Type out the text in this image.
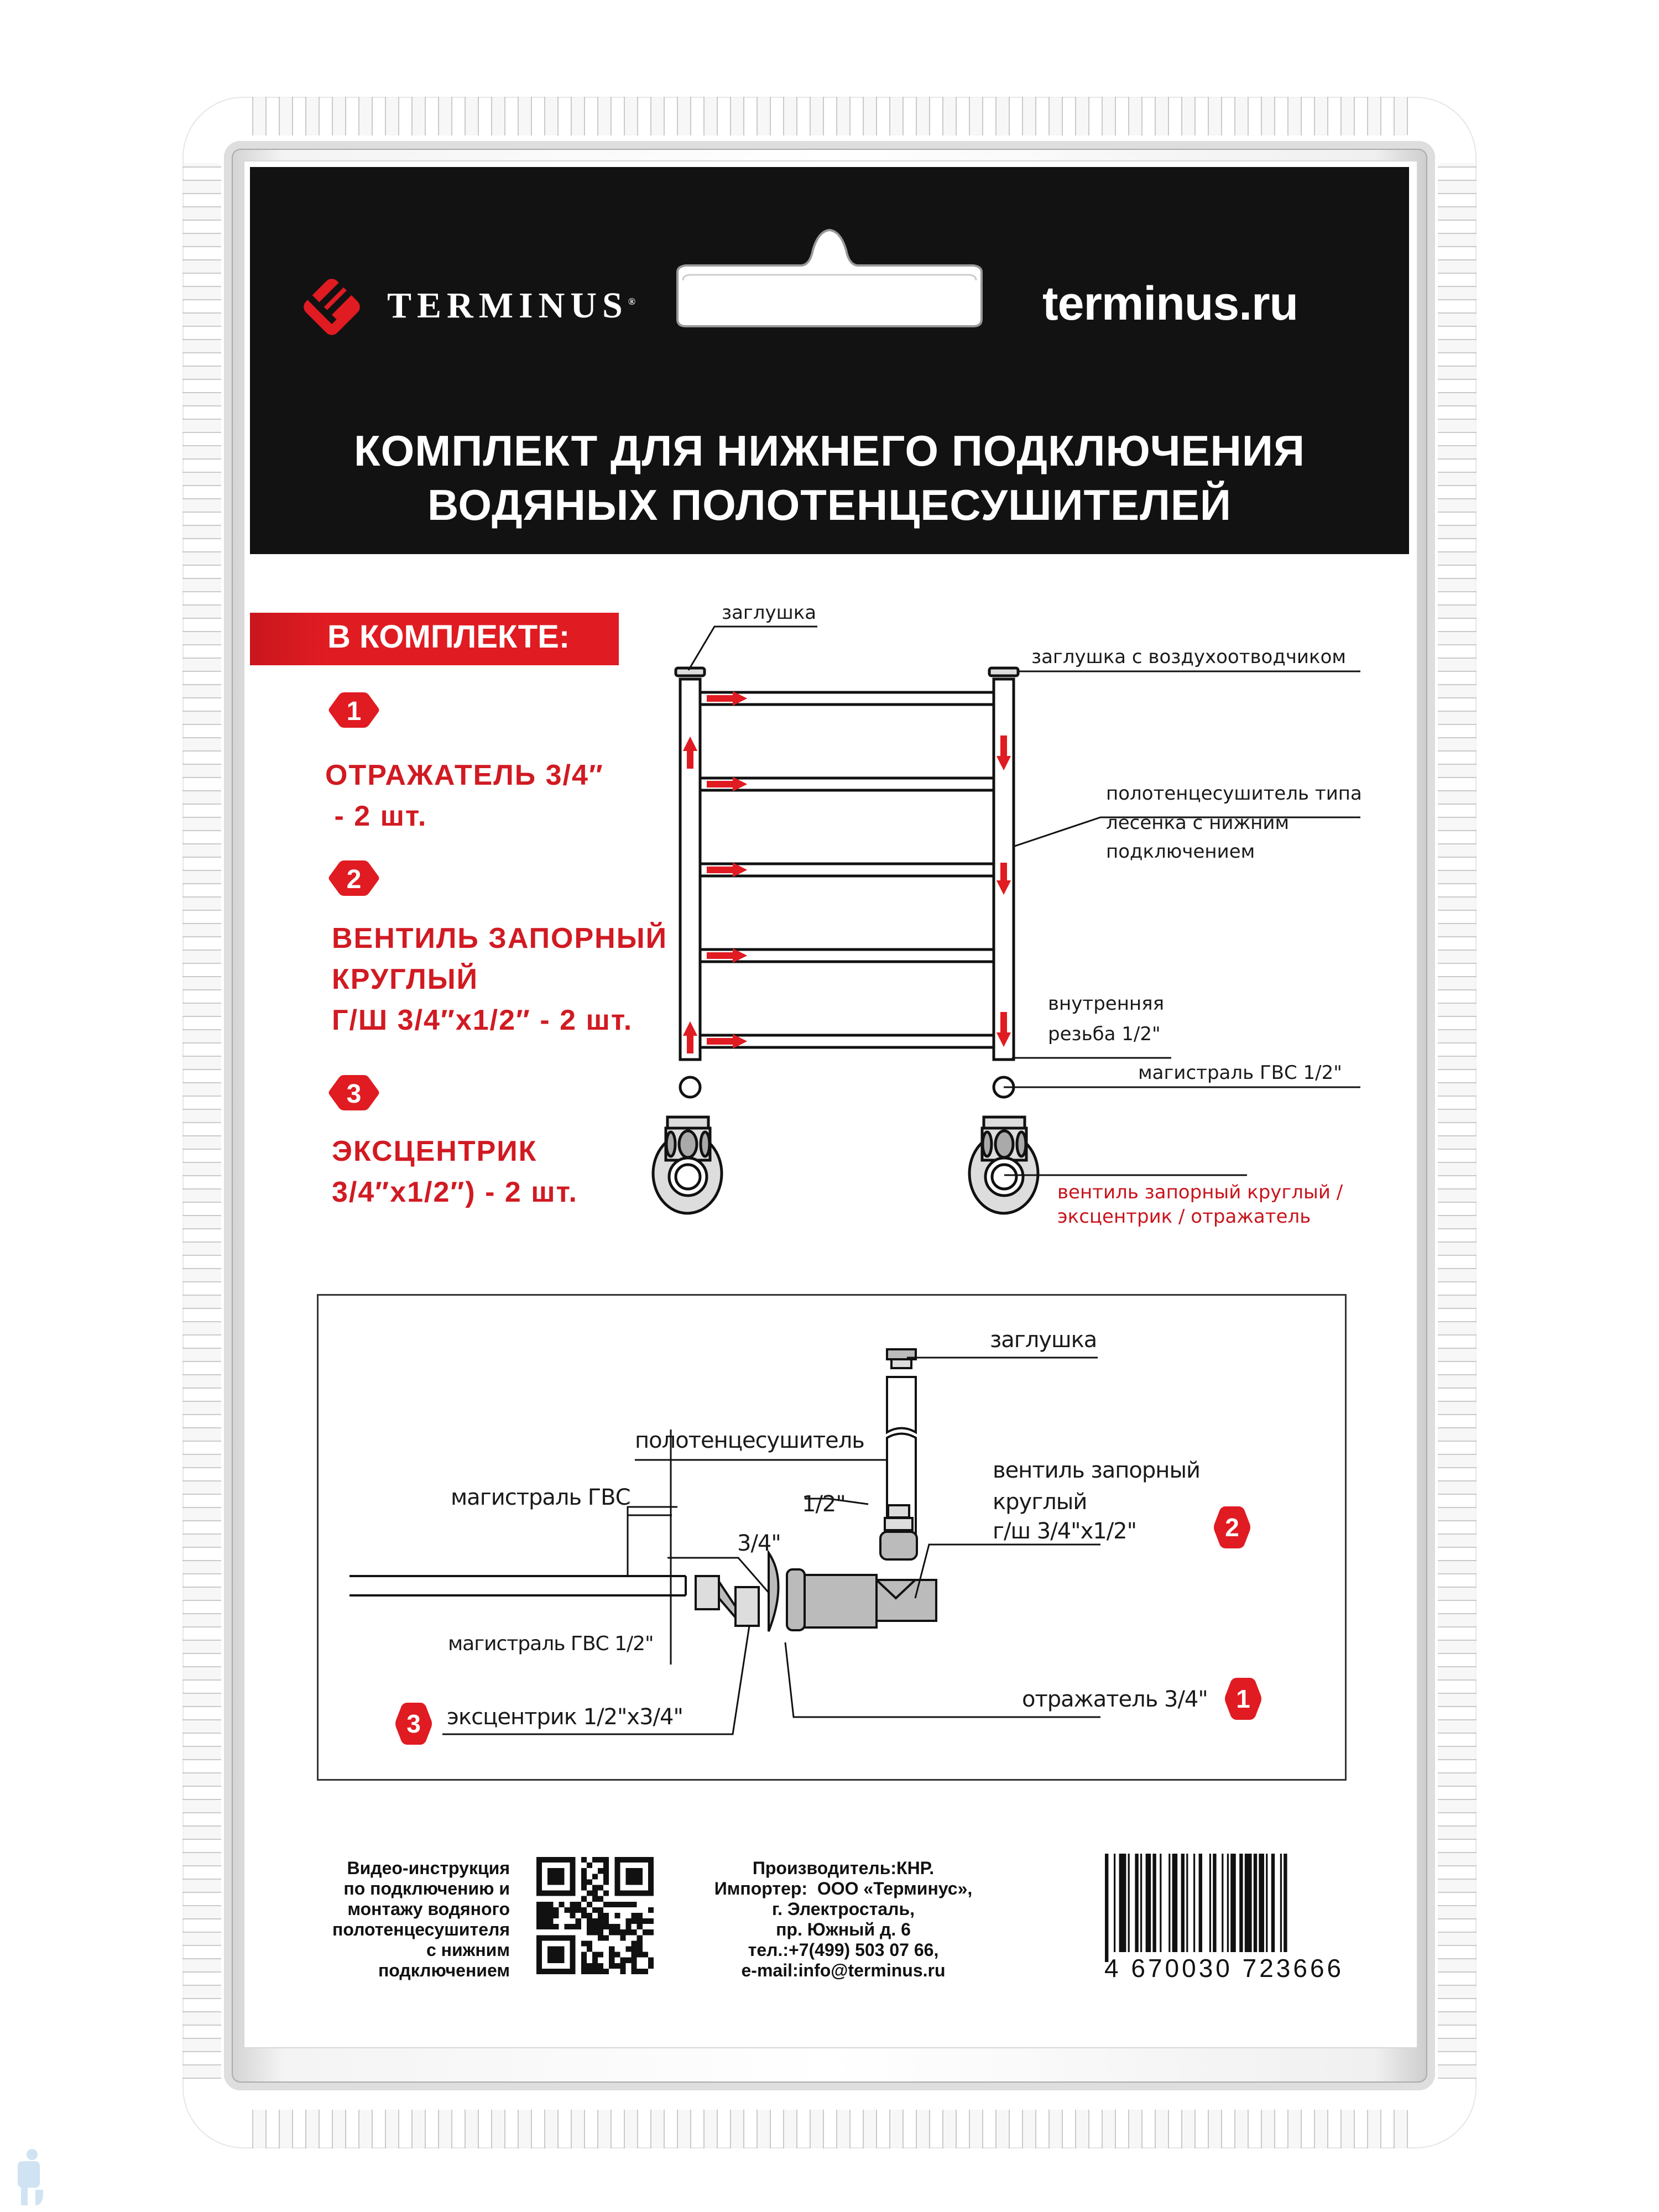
TERMINUS®	terminus.ru
КОМПЛЕКТ ДЛЯ НИЖНЕГО ПОДКЛЮЧЕНИЯ
ВОДЯНЫХ ПОЛОТЕНЦЕСУШИТЕЛЕЙ
В КОМПЛЕКТЕ:
1
ОТРАЖАТЕЛЬ 3/4″
- 2 шт.
2
ВЕНТИЛЬ ЗАПОРНЫЙ
КРУГЛЫЙ
Г/Ш 3/4″x1/2″ - 2 шт.
3
ЭКСЦЕНТРИК
3/4″x1/2″) - 2 шт.
заглушка
заглушка с воздухоотводчиком
полотенцесушитель типа
лесенка с нижним
подключением
внутренняя
резьба 1/2"
магистраль ГВС 1/2"
вентиль запорный круглый /
эксцентрик / отражатель
заглушка
полотенцесушитель
вентиль запорный
круглый
г/ш 3/4"x1/2"
магистраль ГВС
магистраль ГВС 1/2"
1/2"
3/4"
эксцентрик 1/2"x3/4"
отражатель 3/4"
2
1
3
Видео-инструкция
по подключению и
монтажу водяного
полотенцесушителя
с нижним
подключением
Производитель:КНР.
Импортер:  ООО «Терминус»,
г. Электросталь,
пр. Южный д. 6
тел.:+7(499) 503 07 66,
e-mail:info@terminus.ru	4 670030 723666
